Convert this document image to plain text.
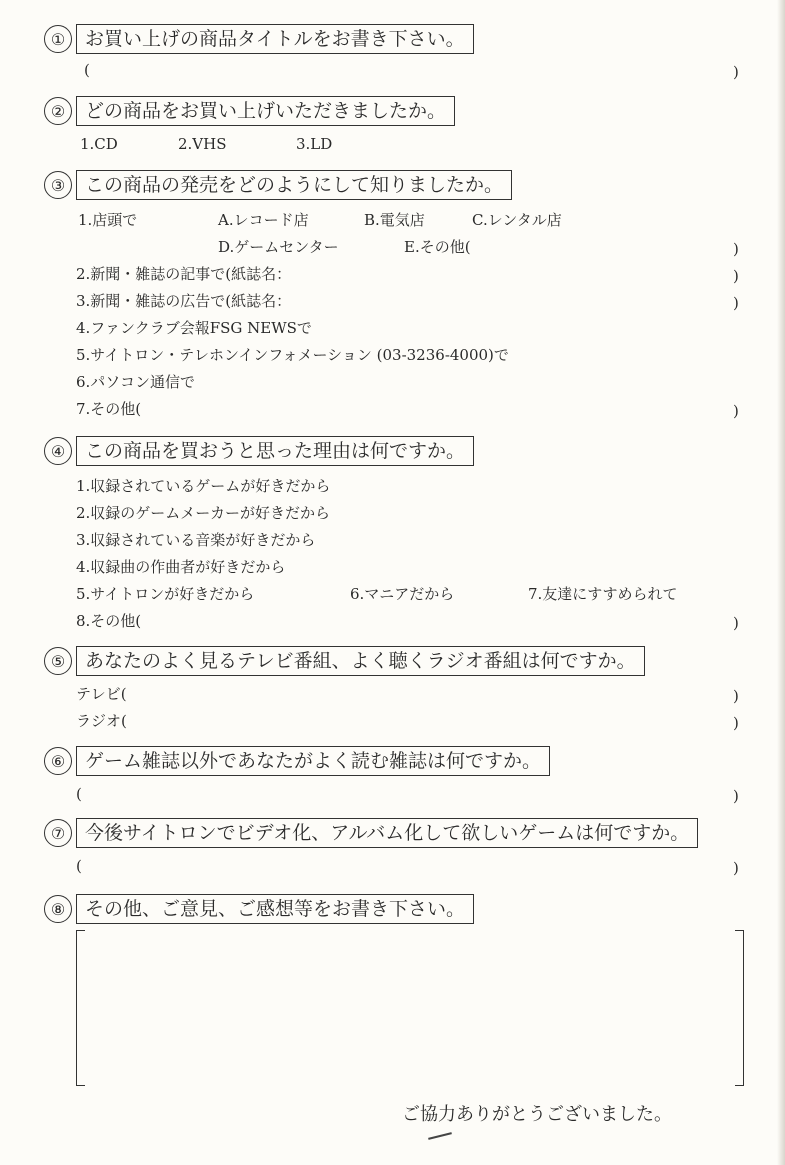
①	お買い上げの商品タイトルをお書き下さい。
(	)
②	どの商品をお買い上げいただきましたか。
1.CD	2.VHS	3.LD
③	この商品の発売をどのようにして知りましたか。
1.店頭で	A.レコード店	B.電気店	C.レンタル店
D.ゲームセンター	E.その他(	)
2.新聞・雑誌の記事で(紙誌名：	)
3.新聞・雑誌の広告で(紙誌名：	)
4.ファンクラブ会報FSG NEWSで
5.サイトロン・テレホンインフォメーション (03-3236-4000)で
6.パソコン通信で
7.その他(	)
④	この商品を買おうと思った理由は何ですか。
1.収録されているゲームが好きだから
2.収録のゲームメーカーが好きだから
3.収録されている音楽が好きだから
4.収録曲の作曲者が好きだから
5.サイトロンが好きだから	6.マニアだから	7.友達にすすめられて
8.その他(	)
⑤	あなたのよく見るテレビ番組、よく聴くラジオ番組は何ですか。
テレビ(	)
ラジオ(	)
⑥	ゲーム雑誌以外であなたがよく読む雑誌は何ですか。
(	)
⑦	今後サイトロンでビデオ化、アルバム化して欲しいゲームは何ですか。
(	)
⑧	その他、ご意見、ご感想等をお書き下さい。
ご協力ありがとうございました。
